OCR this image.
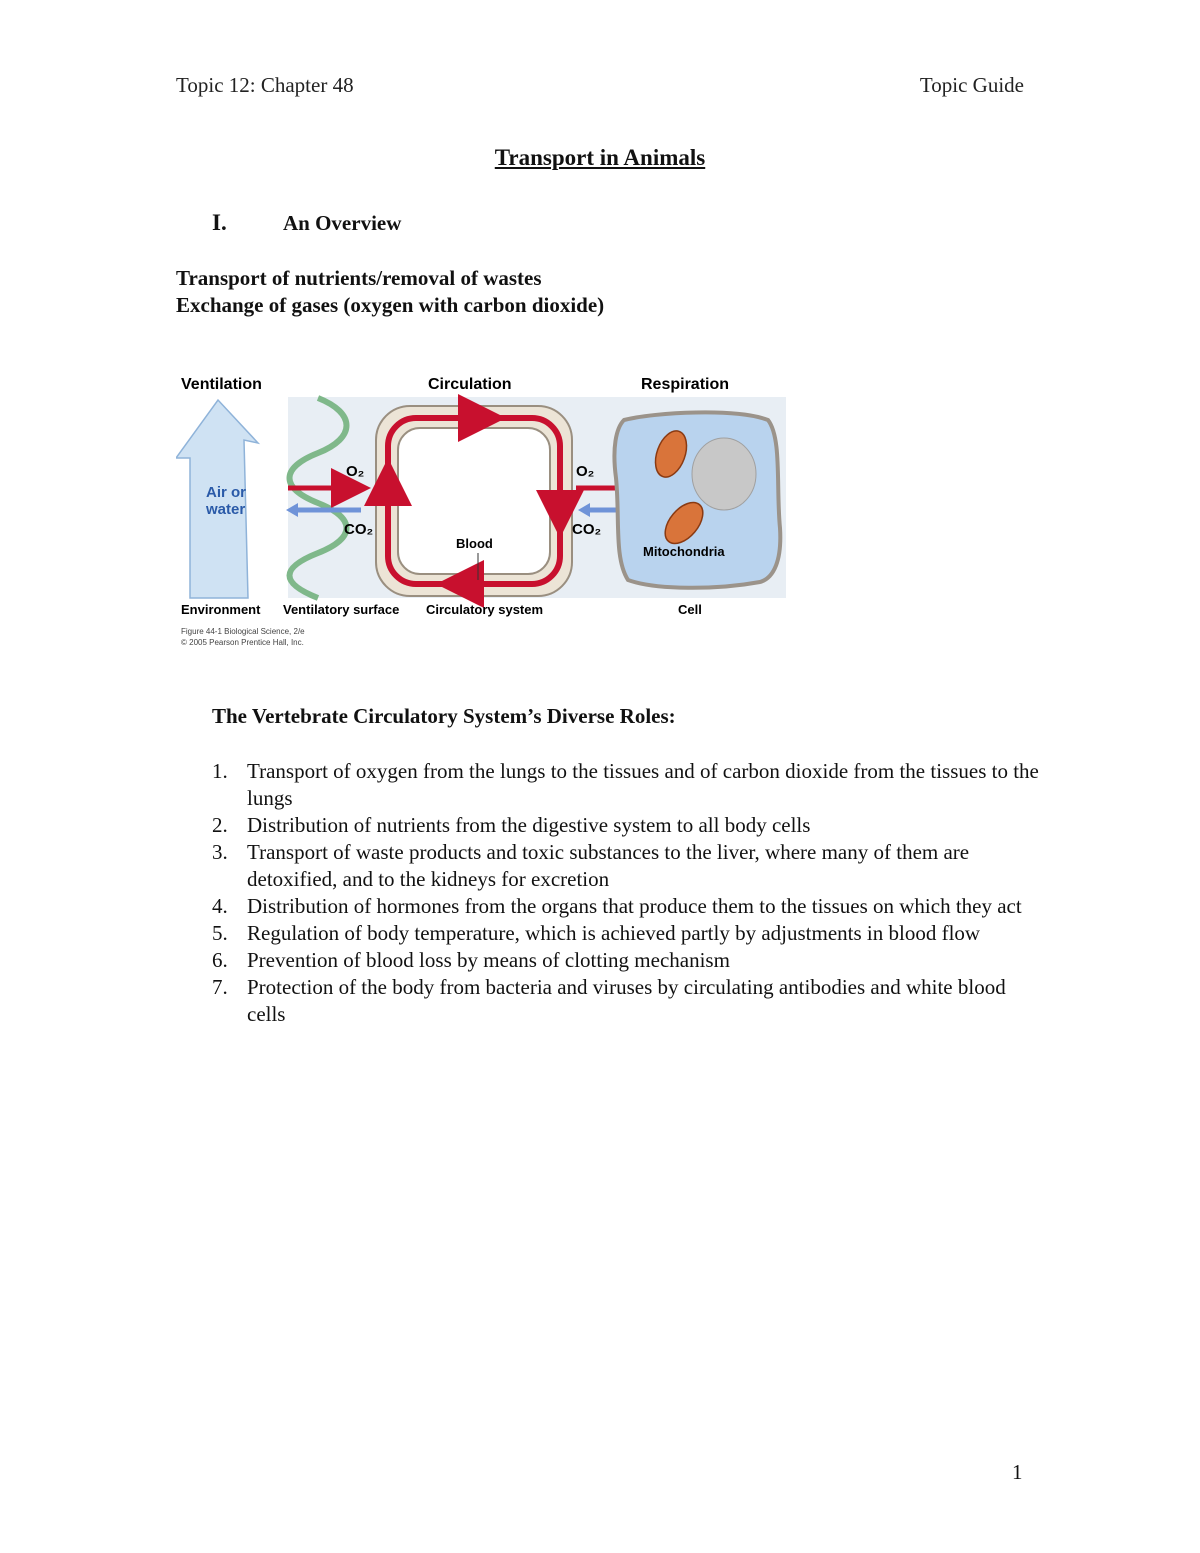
Topic 12: Chapter 48	Topic Guide
Transport in Animals
I.	An Overview
Transport of nutrients/removal of wastes
Exchange of gases (oxygen with carbon dioxide)
Ventilation	Circulation	Respiration
Air or
water
O₂
CO₂
Blood
O₂
CO₂
Mitochondria
Environment Ventilatory surface Circulatory system	Cell
Figure 44-1 Biological Science, 2/e
© 2005 Pearson Prentice Hall, Inc.
The Vertebrate Circulatory System’s Diverse Roles:
1. Transport of oxygen from the lungs to the tissues and of carbon dioxide from the tissues to the lungs
2. Distribution of nutrients from the digestive system to all body cells
3. Transport of waste products and toxic substances to the liver, where many of them are detoxified, and to the kidneys for excretion
4. Distribution of hormones from the organs that produce them to the tissues on which they act
5. Regulation of body temperature, which is achieved partly by adjustments in blood flow
6. Prevention of blood loss by means of clotting mechanism
7. Protection of the body from bacteria and viruses by circulating antibodies and white blood cells
1
